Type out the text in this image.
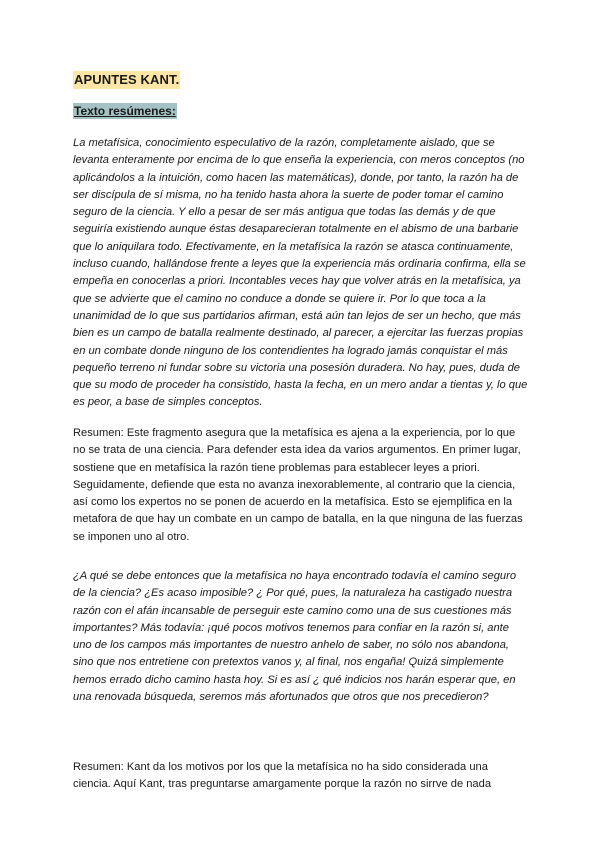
APUNTES KANT.
Texto resúmenes:

La metafísica, conocimiento especulativo de la razón, completamente aislado, que se levanta enteramente por encima de lo que enseña la experiencia, con meros conceptos (no aplicándolos a la intuición, como hacen las matemáticas), donde, por tanto, la razón ha de ser discípula de sí misma, no ha tenido hasta ahora la suerte de poder tomar el camino seguro de la ciencia. Y ello a pesar de ser más antigua que todas las demás y de que seguiría existiendo aunque éstas desaparecieran totalmente en el abismo de una barbarie que lo aniquilara todo. Efectivamente, en la metafísica la razón se atasca continuamente, incluso cuando, hallándose frente a leyes que la experiencia más ordinaria confirma, ella se empeña en conocerlas a priori. Incontables veces hay que volver atrás en la metafísica, ya que se advierte que el camino no conduce a donde se quiere ir. Por lo que toca a la unanimidad de lo que sus partidarios afirman, está aún tan lejos de ser un hecho, que más bien es un campo de batalla realmente destinado, al parecer, a ejercitar las fuerzas propias en un combate donde ninguno de los contendientes ha logrado jamás conquistar el más pequeño terreno ni fundar sobre su victoria una posesión duradera. No hay, pues, duda de que su modo de proceder ha consistido, hasta la fecha, en un mero andar a tientas y, lo que es peor, a base de simples conceptos.

Resumen: Este fragmento asegura que la metafísica es ajena a la experiencia, por lo que no se trata de una ciencia. Para defender esta idea da varios argumentos. En primer lugar, sostiene que en metafísica la razón tiene problemas para establecer leyes a priori. Seguidamente, defiende que esta no avanza inexorablemente, al contrario que la ciencia, así como los expertos no se ponen de acuerdo en la metafísica. Esto se ejemplifica en la metafora de que hay un combate en un campo de batalla, en la que ninguna de las fuerzas se imponen uno al otro.

¿A qué se debe entonces que la metafísica no haya encontrado todavía el camino seguro de la ciencia? ¿Es acaso imposible? ¿ Por qué, pues, la naturaleza ha castigado nuestra razón con el afán incansable de perseguir este camino como una de sus cuestiones más importantes? Más todavía: ¡qué pocos motivos tenemos para confiar en la razón si, ante uno de los campos más importantes de nuestro anhelo de saber, no sólo nos abandona, sino que nos entretiene con pretextos vanos y, al final, nos engaña! Quizá simplemente hemos errado dicho camino hasta hoy. Si es así ¿ qué indicios nos harán esperar que, en una renovada búsqueda, seremos más afortunados que otros que nos precedieron?

Resumen: Kant da los motivos por los que la metafísica no ha sido considerada una ciencia. Aquí Kant, tras preguntarse amargamente porque la razón no sirrve de nada
